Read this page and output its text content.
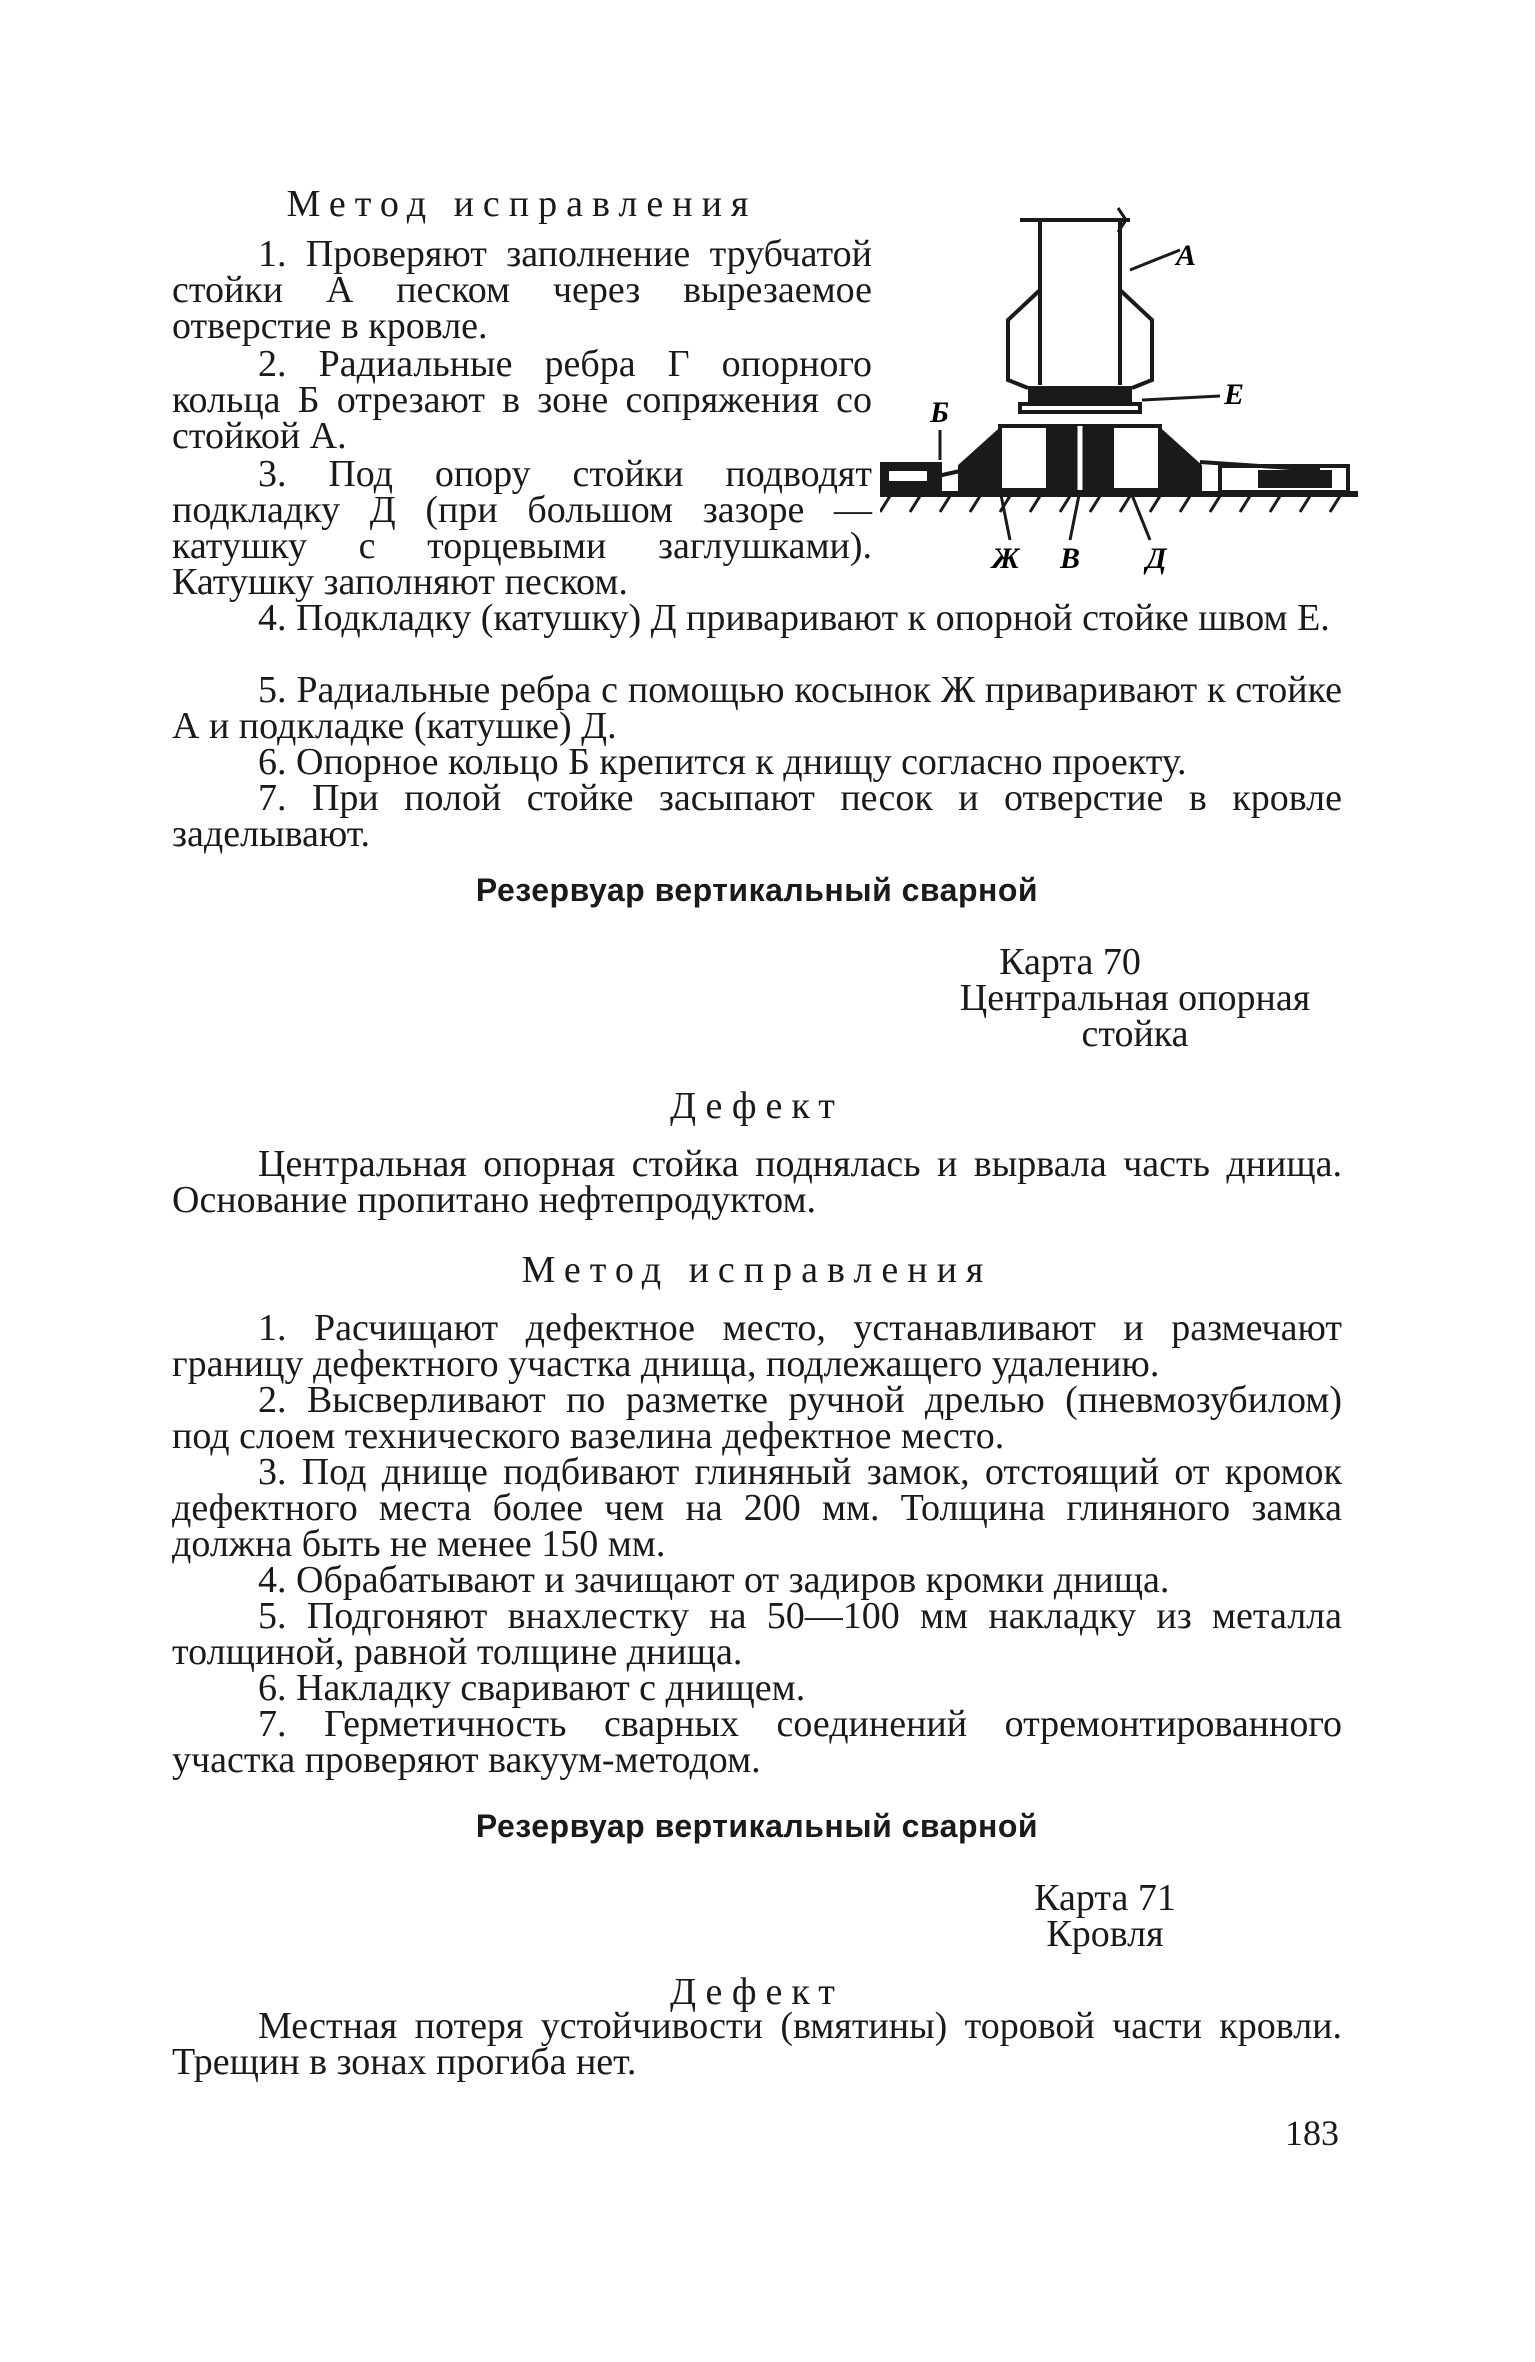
Метод исправления

1. Проверяют заполнение трубчатой стойки А песком через вырезаемое отверстие в кровле.

2. Радиальные ребра Г опорного кольца Б отрезают в зоне сопряжения со стойкой А.

3. Под опору стойки подводят подкладку Д (при большом зазоре — катушку с торцевыми заглушками). Катушку заполняют песком.

4. Подкладку (катушку) Д приваривают к опорной стойке швом Е.

5. Радиальные ребра с помощью косынок Ж приваривают к стойке А и подкладке (катушке) Д.

6. Опорное кольцо Б крепится к днищу согласно проекту.

7. При полой стойке засыпают песок и отверстие в кровле заделывают.

А
Е
Б
Ж В Д
Резервуар вертикальный сварной
Карта 70
Центральная опорная стойка
Дефект

Центральная опорная стойка поднялась и вырвала часть днища. Основание пропитано нефтепродуктом.

Метод исправления

1. Расчищают дефектное место, устанавливают и размечают границу дефектного участка днища, подлежащего удалению.

2. Высверливают по разметке ручной дрелью (пневмозубилом) под слоем технического вазелина дефектное место.

3. Под днище подбивают глиняный замок, отстоящий от кромок дефектного места более чем на 200 мм. Толщина глиняного замка должна быть не менее 150 мм.

4. Обрабатывают и зачищают от задиров кромки днища.

5. Подгоняют внахлестку на 50—100 мм накладку из металла толщиной, равной толщине днища.

6. Накладку сваривают с днищем.

7. Герметичность сварных соединений отремонтированного участка проверяют вакуум-методом.

Резервуар вертикальный сварной
Карта 71
Кровля
Дефект

Местная потеря устойчивости (вмятины) торовой части кровли. Трещин в зонах прогиба нет.

183
